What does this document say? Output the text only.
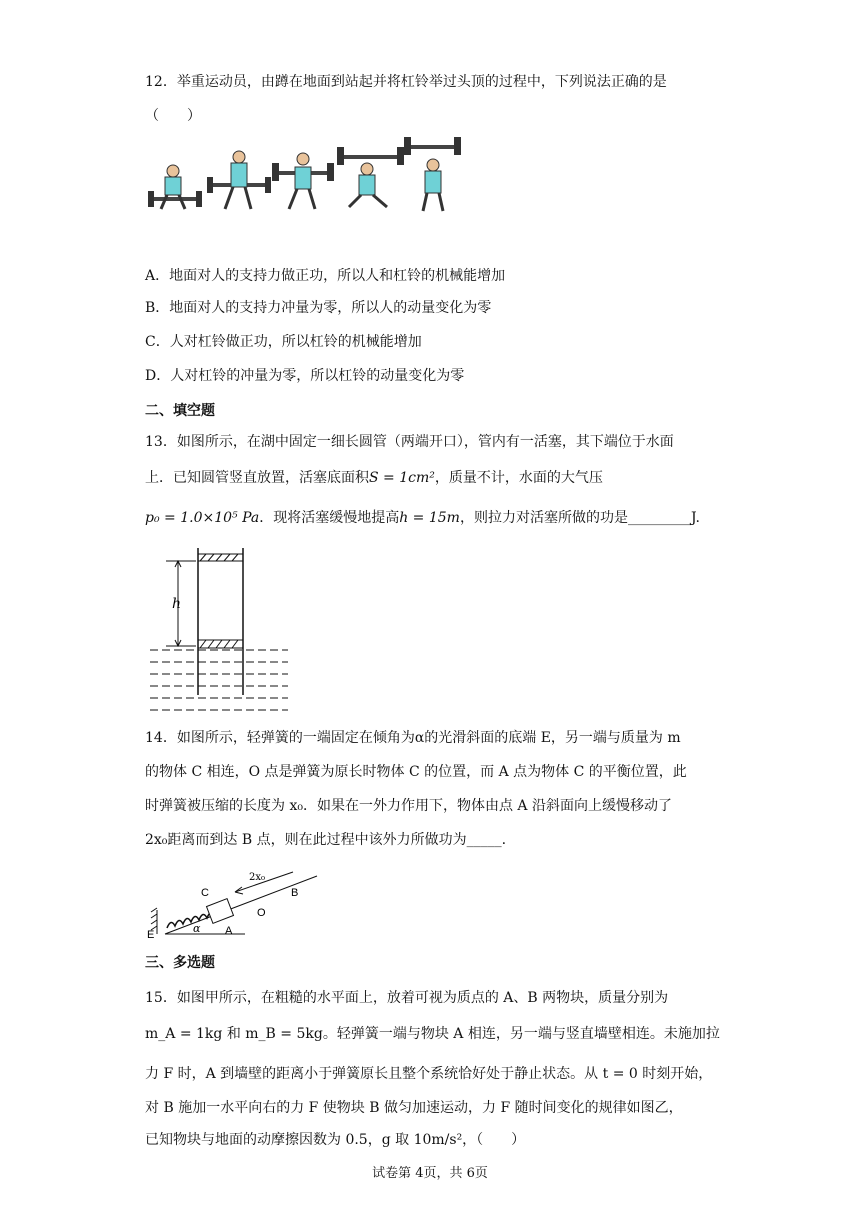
12．举重运动员，由蹲在地面到站起并将杠铃举过头顶的过程中，下列说法正确的是
（　　）
A．地面对人的支持力做正功，所以人和杠铃的机械能增加
B．地面对人的支持力冲量为零，所以人的动量变化为零
C．人对杠铃做正功，所以杠铃的机械能增加
D．人对杠铃的冲量为零，所以杠铃的动量变化为零
二、填空题
13．如图所示，在湖中固定一细长圆管（两端开口），管内有一活塞，其下端位于水面
上．已知圆管竖直放置，活塞底面积S = 1cm²，质量不计，水面的大气压
p₀ = 1.0×10⁵ Pa．现将活塞缓慢地提高h = 15m，则拉力对活塞所做的功是_________J.
h
14．如图所示，轻弹簧的一端固定在倾角为α的光滑斜面的底端 E，另一端与质量为 m
的物体 C 相连，O 点是弹簧为原长时物体 C 的位置，而 A 点为物体 C 的平衡位置，此
时弹簧被压缩的长度为 x₀．如果在一外力作用下，物体由点 A 沿斜面向上缓慢移动了
2x₀距离而到达 B 点，则在此过程中该外力所做功为_____.
E	α A
O
B
C
2x₀
三、多选题
15．如图甲所示，在粗糙的水平面上，放着可视为质点的 A、B 两物块，质量分别为
m_A = 1kg 和 m_B = 5kg。轻弹簧一端与物块 A 相连，另一端与竖直墙壁相连。未施加拉
力 F 时，A 到墙壁的距离小于弹簧原长且整个系统恰好处于静止状态。从 t = 0 时刻开始，
对 B 施加一水平向右的力 F 使物块 B 做匀加速运动，力 F 随时间变化的规律如图乙，
已知物块与地面的动摩擦因数为 0.5，g 取 10m/s²，（　　）
试卷第 4页，共 6页
